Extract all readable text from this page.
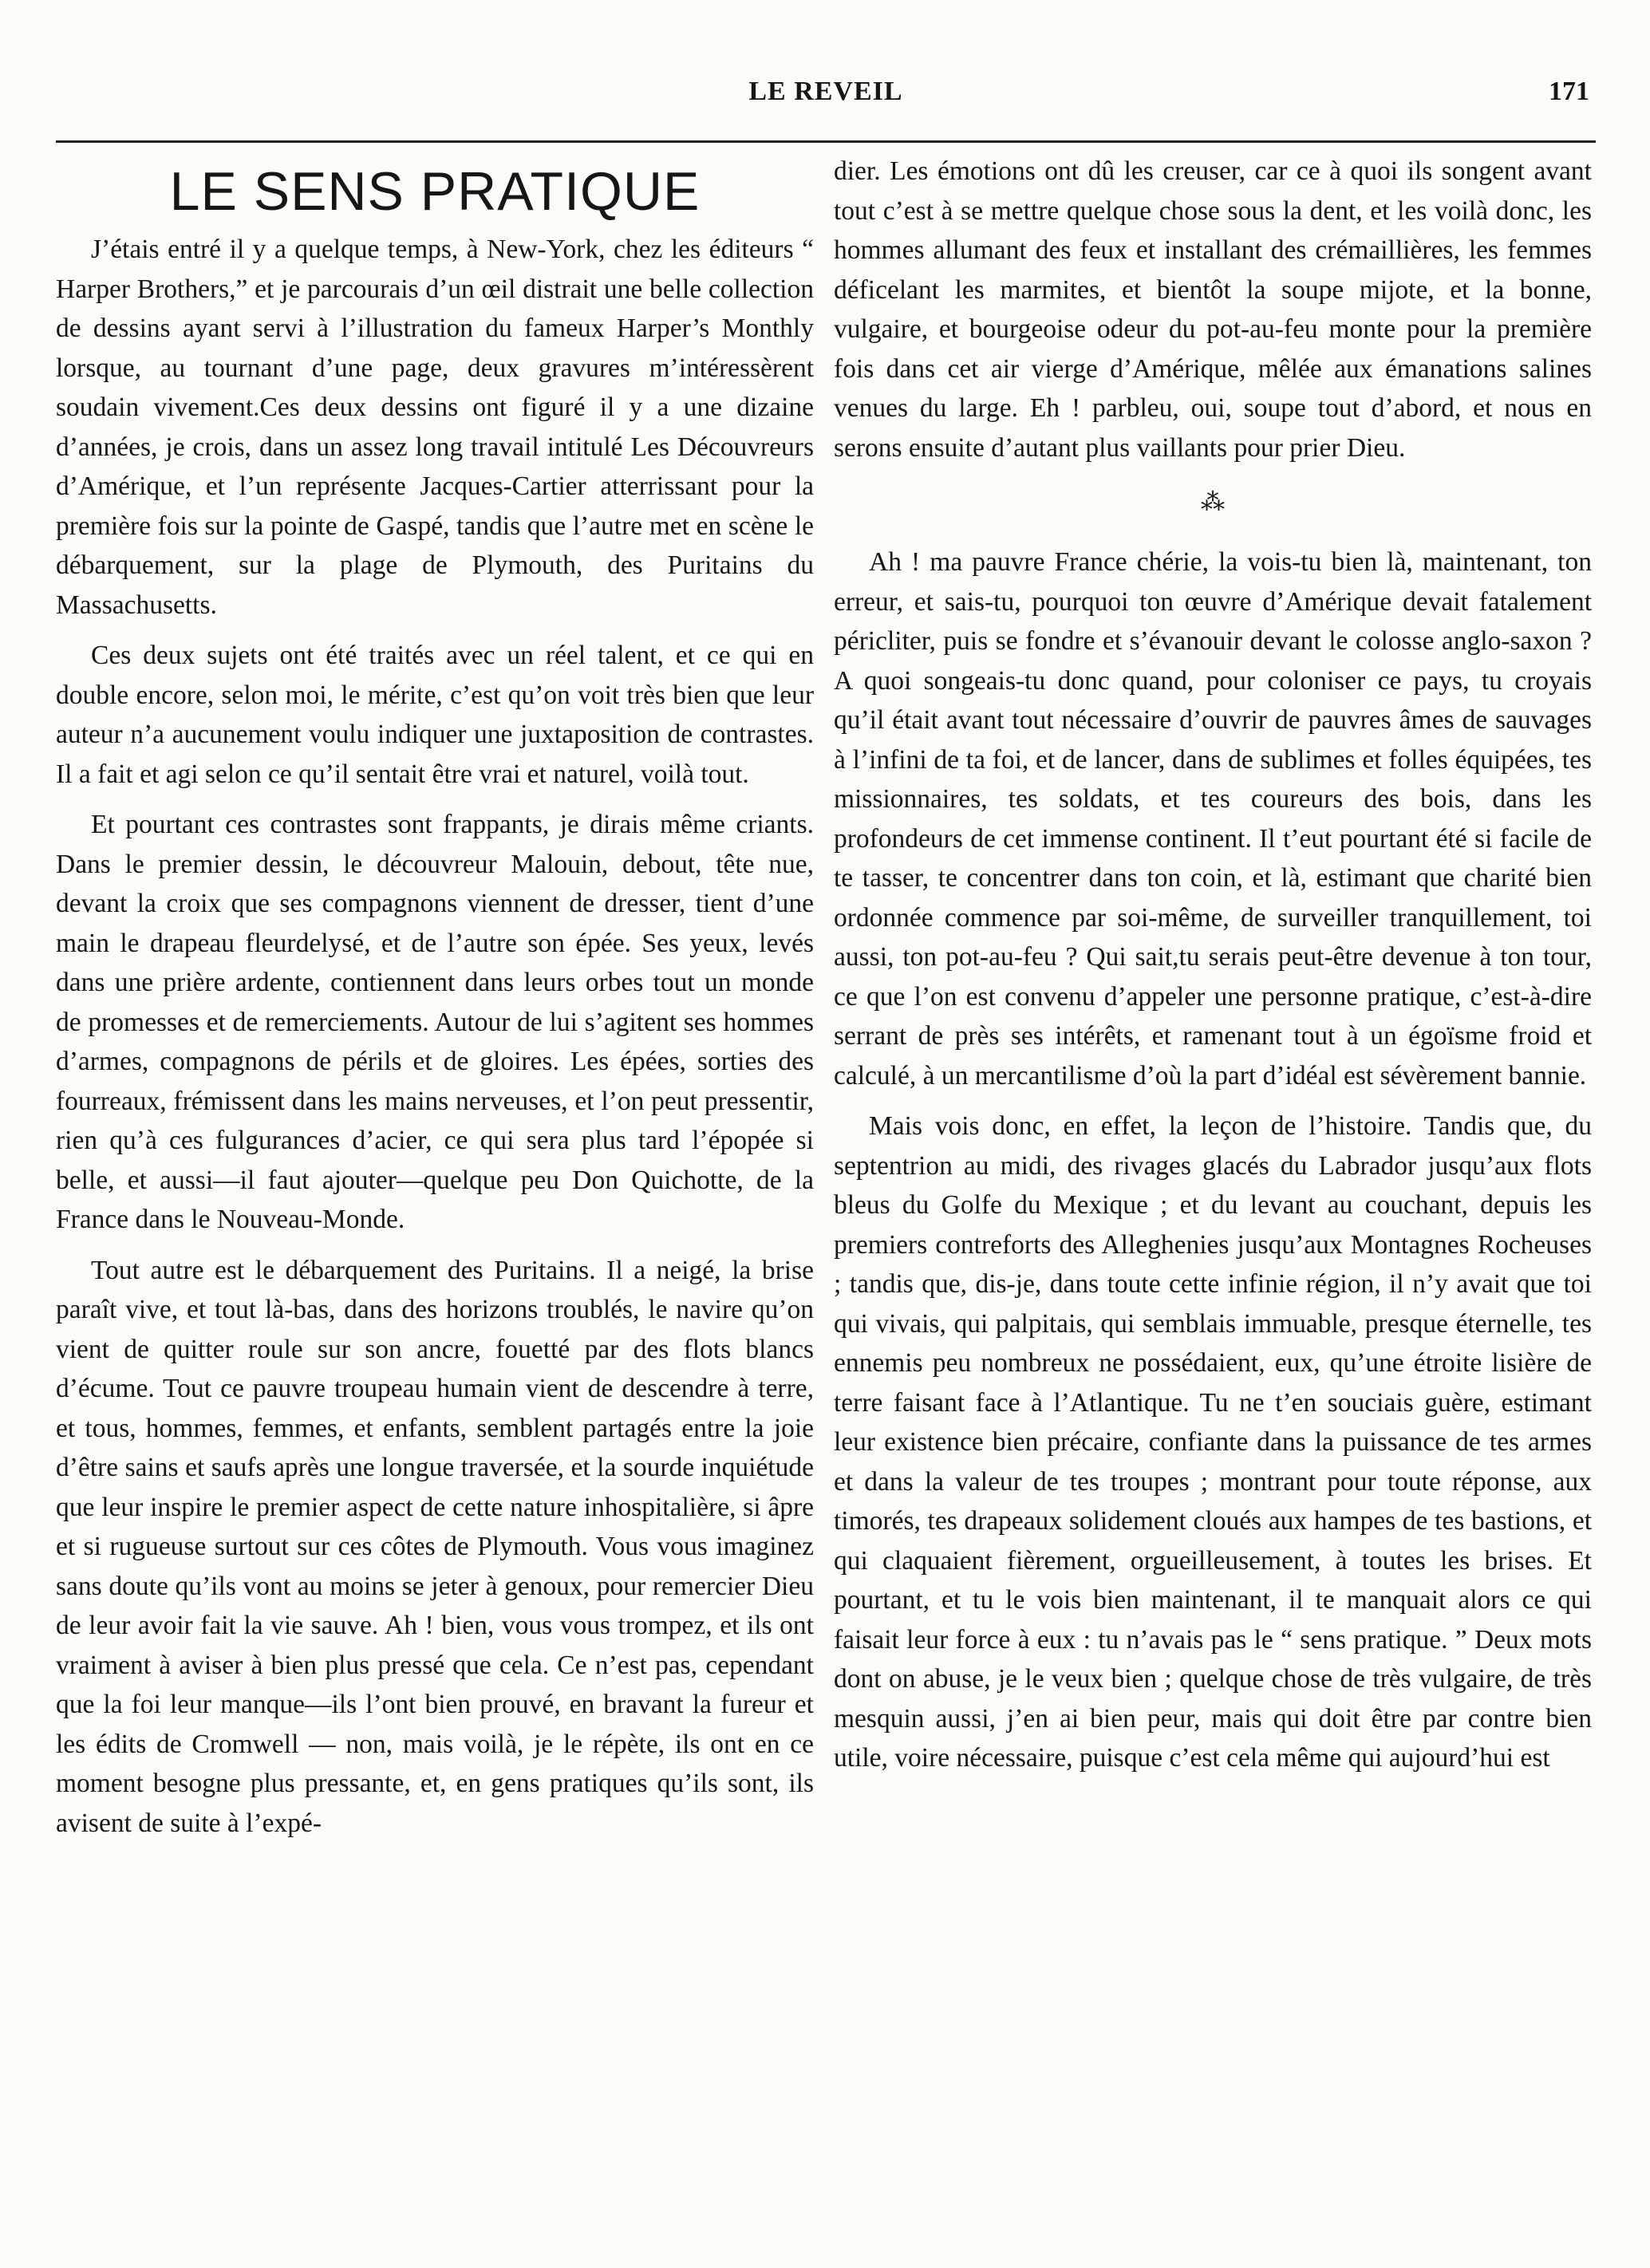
LE REVEIL	171
LE SENS PRATIQUE

J’étais entré il y a quelque temps, à New-York, chez les éditeurs “ Harper Brothers,” et je parcourais d’un œil distrait une belle collection de dessins ayant servi à l’illustration du fameux Harper’s Monthly lorsque, au tournant d’une page, deux gravures m’intéressèrent soudain vivement.Ces deux dessins ont figuré il y a une dizaine d’années, je crois, dans un assez long travail intitulé Les Découvreurs d’Amérique, et l’un représente Jacques-Cartier atterrissant pour la première fois sur la pointe de Gaspé, tandis que l’autre met en scène le débarquement, sur la plage de Plymouth, des Puritains du Massachusetts.

Ces deux sujets ont été traités avec un réel talent, et ce qui en double encore, selon moi, le mérite, c’est qu’on voit très bien que leur auteur n’a aucunement voulu indiquer une juxtaposition de contrastes. Il a fait et agi selon ce qu’il sentait être vrai et naturel, voilà tout.

Et pourtant ces contrastes sont frappants, je dirais même criants. Dans le premier dessin, le découvreur Malouin, debout, tête nue, devant la croix que ses compagnons viennent de dresser, tient d’une main le drapeau fleurdelysé, et de l’autre son épée. Ses yeux, levés dans une prière ardente, contiennent dans leurs orbes tout un monde de promesses et de remerciements. Autour de lui s’agitent ses hommes d’armes, compagnons de périls et de gloires. Les épées, sorties des fourreaux, frémissent dans les mains nerveuses, et l’on peut pressentir, rien qu’à ces fulgurances d’acier, ce qui sera plus tard l’épopée si belle, et aussi—il faut ajouter—quelque peu Don Quichotte, de la France dans le Nouveau-Monde.

Tout autre est le débarquement des Puritains. Il a neigé, la brise paraît vive, et tout là-bas, dans des horizons troublés, le navire qu’on vient de quitter roule sur son ancre, fouetté par des flots blancs d’écume. Tout ce pauvre troupeau humain vient de descendre à terre, et tous, hommes, femmes, et enfants, semblent partagés entre la joie d’être sains et saufs après une longue traversée, et la sourde inquiétude que leur inspire le premier aspect de cette nature inhospitalière, si âpre et si rugueuse surtout sur ces côtes de Plymouth. Vous vous imaginez sans doute qu’ils vont au moins se jeter à genoux, pour remercier Dieu de leur avoir fait la vie sauve. Ah ! bien, vous vous trompez, et ils ont vraiment à aviser à bien plus pressé que cela. Ce n’est pas, cependant que la foi leur manque—ils l’ont bien prouvé, en bravant la fureur et les édits de Cromwell — non, mais voilà, je le répète, ils ont en ce moment besogne plus pressante, et, en gens pratiques qu’ils sont, ils avisent de suite à l’expé-

dier. Les émotions ont dû les creuser, car ce à quoi ils songent avant tout c’est à se mettre quelque chose sous la dent, et les voilà donc, les hommes allumant des feux et installant des crémaillières, les femmes déficelant les marmites, et bientôt la soupe mijote, et la bonne, vulgaire, et bourgeoise odeur du pot-au-feu monte pour la première fois dans cet air vierge d’Amérique, mêlée aux émanations salines venues du large. Eh ! parbleu, oui, soupe tout d’abord, et nous en serons ensuite d’autant plus vaillants pour prier Dieu.

⁂

Ah ! ma pauvre France chérie, la vois-tu bien là, maintenant, ton erreur, et sais-tu, pourquoi ton œuvre d’Amérique devait fatalement péricliter, puis se fondre et s’évanouir devant le colosse anglo-saxon ? A quoi songeais-tu donc quand, pour coloniser ce pays, tu croyais qu’il était avant tout nécessaire d’ouvrir de pauvres âmes de sauvages à l’infini de ta foi, et de lancer, dans de sublimes et folles équipées, tes missionnaires, tes soldats, et tes coureurs des bois, dans les profondeurs de cet immense continent. Il t’eut pourtant été si facile de te tasser, te concentrer dans ton coin, et là, estimant que charité bien ordonnée commence par soi-même, de surveiller tranquillement, toi aussi, ton pot-au-feu ? Qui sait,tu serais peut-être devenue à ton tour, ce que l’on est convenu d’appeler une personne pratique, c’est-à-dire serrant de près ses intérêts, et ramenant tout à un égoïsme froid et calculé, à un mercantilisme d’où la part d’idéal est sévèrement bannie.

Mais vois donc, en effet, la leçon de l’histoire. Tandis que, du septentrion au midi, des rivages glacés du Labrador jusqu’aux flots bleus du Golfe du Mexique ; et du levant au couchant, depuis les premiers contreforts des Alleghenies jusqu’aux Montagnes Rocheuses ; tandis que, dis-je, dans toute cette infinie région, il n’y avait que toi qui vivais, qui palpitais, qui semblais immuable, presque éternelle, tes ennemis peu nombreux ne possédaient, eux, qu’une étroite lisière de terre faisant face à l’Atlantique. Tu ne t’en souciais guère, estimant leur existence bien précaire, confiante dans la puissance de tes armes et dans la valeur de tes troupes ; montrant pour toute réponse, aux timorés, tes drapeaux solidement cloués aux hampes de tes bastions, et qui claquaient fièrement, orgueilleusement, à toutes les brises. Et pourtant, et tu le vois bien maintenant, il te manquait alors ce qui faisait leur force à eux : tu n’avais pas le “ sens pratique. ” Deux mots dont on abuse, je le veux bien ; quelque chose de très vulgaire, de très mesquin aussi, j’en ai bien peur, mais qui doit être par contre bien utile, voire nécessaire, puisque c’est cela même qui aujourd’hui est
